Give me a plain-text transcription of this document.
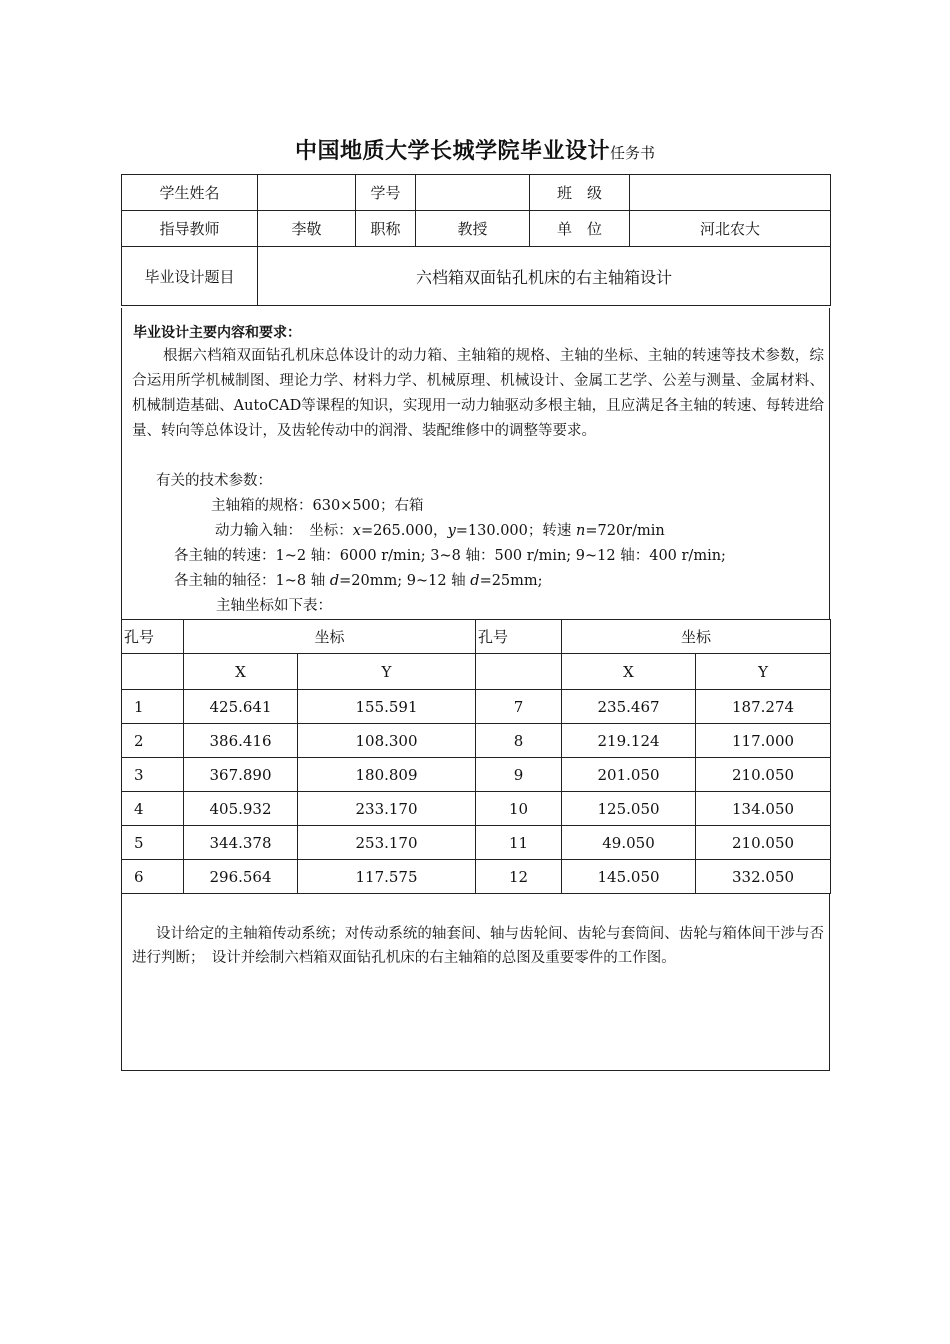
中国地质大学长城学院毕业设计任务书
学生姓名		学号		班　级	
指导教师	李敬	职称	教授	单　位	河北农大
毕业设计题目	六档箱双面钻孔机床的右主轴箱设计				

毕业设计主要内容和要求：

根据六档箱双面钻孔机床总体设计的动力箱、主轴箱的规格、主轴的坐标、主轴的转速等技术参数，综合运用所学机械制图、理论力学、材料力学、机械原理、机械设计、金属工艺学、公差与测量、金属材料、机械制造基础、AutoCAD等课程的知识，实现用一动力轴驱动多根主轴，且应满足各主轴的转速、每转进给量、转向等总体设计，及齿轮传动中的润滑、装配维修中的调整等要求。

有关的技术参数：

主轴箱的规格：630×500；右箱

动力输入轴：　坐标：x=265.000，y=130.000；转速 n=720r/min

各主轴的转速：1~2 轴：6000 r/min; 3~8 轴：500 r/min; 9~12 轴：400 r/min;

各主轴的轴径：1~8 轴 d=20mm; 9~12 轴 d=25mm;

主轴坐标如下表：

孔号	坐标		孔号	坐标	
	X	Y		X	Y
1	425.641	155.591	7	235.467	187.274
2	386.416	108.300	8	219.124	117.000
3	367.890	180.809	9	201.050	210.050
4	405.932	233.170	10	125.050	134.050
5	344.378	253.170	11	49.050	210.050
6	296.564	117.575	12	145.050	332.050

设计给定的主轴箱传动系统；对传动系统的轴套间、轴与齿轮间、齿轮与套筒间、齿轮与箱体间干涉与否进行判断；　设计并绘制六档箱双面钻孔机床的右主轴箱的总图及重要零件的工作图。
